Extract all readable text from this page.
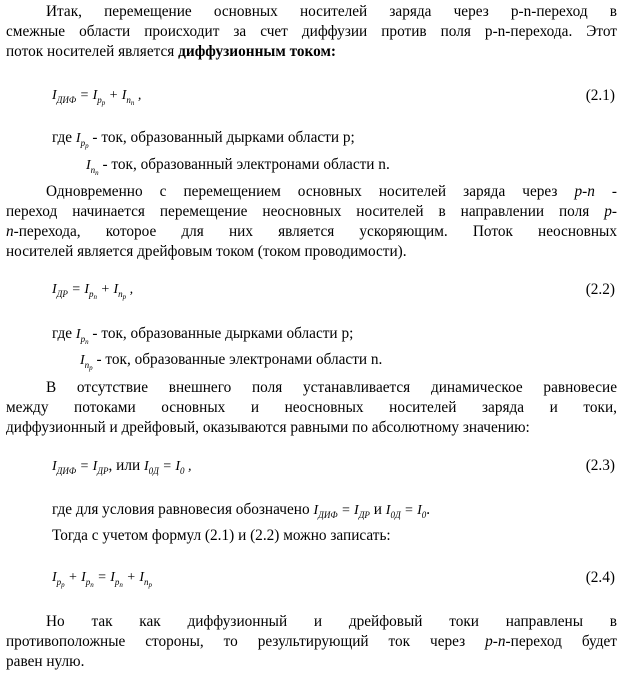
Итак, перемещение основных носителей заряда через р-n-переход в
смежные области происходит за счет диффузии против поля р-n-перехода. Этот
поток носителей является диффузионным током:
$I_{ДИФ} = I_{p_p} + I_{n_n}$ ,	(2.1)
где $I_{p_p}$ - ток, образованный дырками области р;
$I_{n_n}$ - ток, образованный электронами области n.
Одновременно с перемещением основных носителей заряда через p-n -
переход начинается перемещение неосновных носителей в направлении поля p-
n-перехода, которое для них является ускоряющим. Поток неосновных
носителей является дрейфовым током (током проводимости).
$I_{ДР} = I_{p_n} + I_{n_p}$ ,	(2.2)
где $I_{p_n}$ - ток, образованные дырками области р;
$I_{n_p}$ - ток, образованные электронами области n.
В отсутствие внешнего поля устанавливается динамическое равновесие
между потоками основных и неосновных носителей заряда и токи,
диффузионный и дрейфовый, оказываются равными по абсолютному значению:
$I_{ДИФ} = I_{ДР}$, или $I_{0Д} = I_0$ ,	(2.3)
где для условия равновесия обозначено $I_{ДИФ} = I_{ДР}$ и $I_{0Д} = I_0$.
Тогда с учетом формул (2.1) и (2.2) можно записать:
$I_{p_p} + I_{p_n} = I_{p_n} + I_{n_p}$	(2.4)
Но так как диффузионный и дрейфовый токи направлены в
противоположные стороны, то результирующий ток через p-n-переход будет
равен нулю.
